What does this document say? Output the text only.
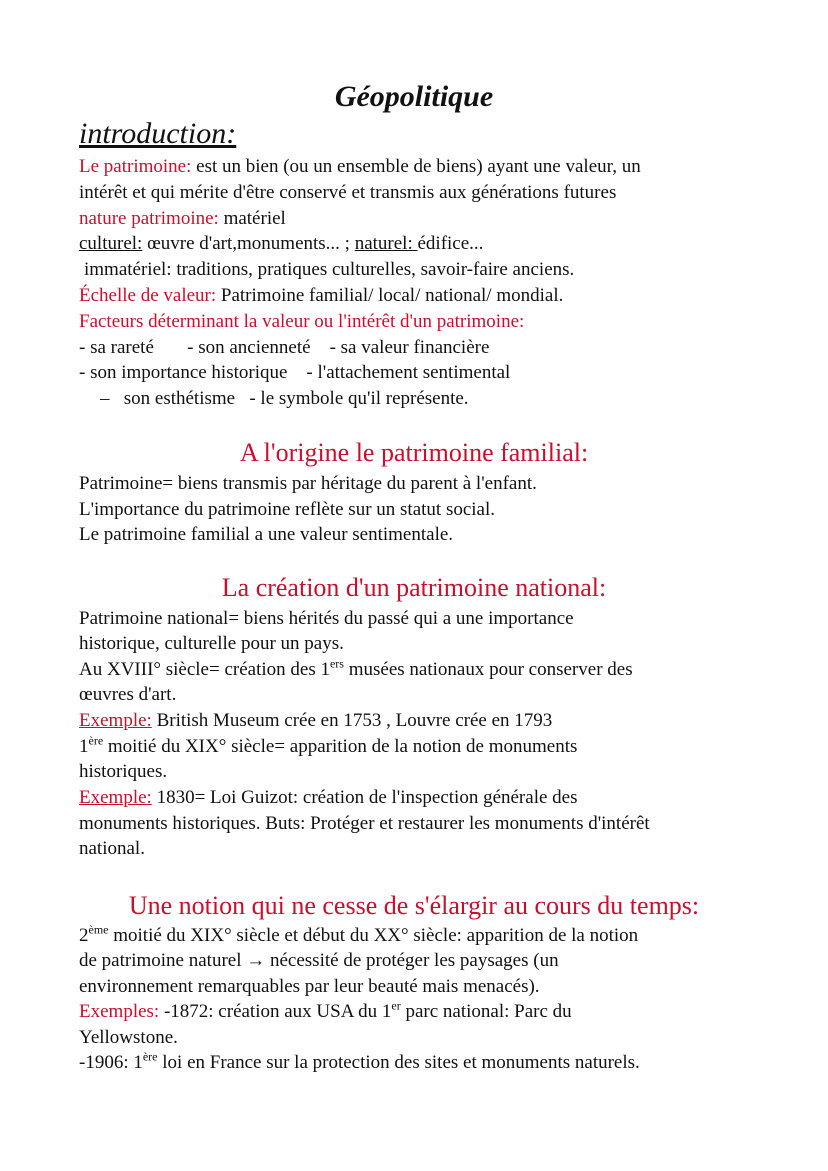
Géopolitique
introduction:
Le patrimoine: est un bien (ou un ensemble de biens) ayant une valeur, un
intérêt et qui mérite d'être conservé et transmis aux générations futures
nature patrimoine: matériel
culturel: œuvre d'art,monuments... ; naturel: édifice...
immatériel: traditions, pratiques culturelles, savoir-faire anciens.
Échelle de valeur: Patrimoine familial/ local/ national/ mondial.
Facteurs déterminant la valeur ou l'intérêt d'un patrimoine:
- sa rareté       - son ancienneté    - sa valeur financière
- son importance historique    - l'attachement sentimental
–   son esthétisme   - le symbole qu'il représente.
A l'origine le patrimoine familial:
Patrimoine= biens transmis par héritage du parent à l'enfant.
L'importance du patrimoine reflète sur un statut social.
Le patrimoine familial a une valeur sentimentale.
La création d'un patrimoine national:
Patrimoine national= biens hérités du passé qui a une importance
historique, culturelle pour un pays.
Au XVIII° siècle= création des 1ers musées nationaux pour conserver des
œuvres d'art.
Exemple: British Museum crée en 1753 , Louvre crée en 1793
1ère moitié du XIX° siècle= apparition de la notion de monuments
historiques.
Exemple: 1830= Loi Guizot: création de l'inspection générale des
monuments historiques. Buts: Protéger et restaurer les monuments d'intérêt
national.
Une notion qui ne cesse de s'élargir au cours du temps:
2ème moitié du XIX° siècle et début du XX° siècle: apparition de la notion
de patrimoine naturel → nécessité de protéger les paysages (un
environnement remarquables par leur beauté mais menacés).
Exemples: -1872: création aux USA du 1er parc national: Parc du
Yellowstone.
-1906: 1ère loi en France sur la protection des sites et monuments naturels.
